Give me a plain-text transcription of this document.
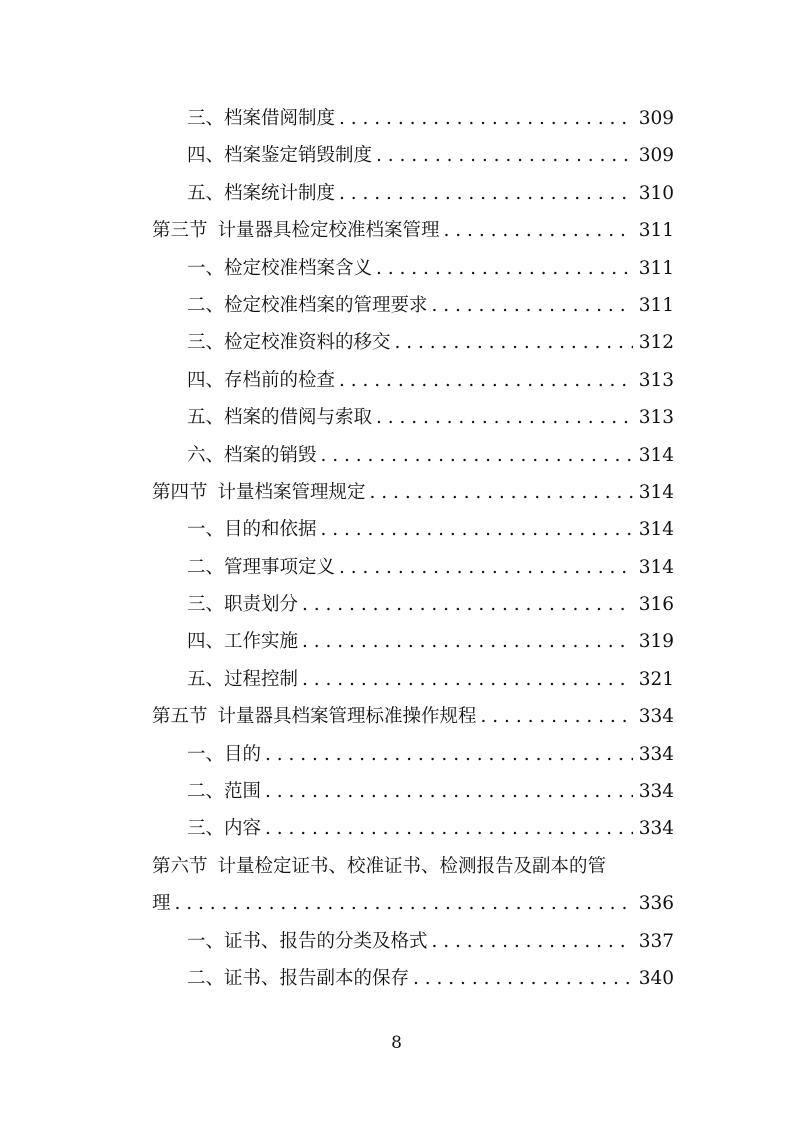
三、档案借阅制度 . . .	309
四、档案鉴定销毁制度 . . .	309
五、档案统计制度 . . .	310
第三节 计量器具检定校准档案管理 . . .	311
一、检定校准档案含义 . . .	311
二、检定校准档案的管理要求 . . .	311
三、检定校准资料的移交 . . .	312
四、存档前的检查 . . .	313
五、档案的借阅与索取 . . .	313
六、档案的销毁 . . .	314
第四节 计量档案管理规定 . . .	314
一、目的和依据 . . .	314
二、管理事项定义 . . .	314
三、职责划分 . . .	316
四、工作实施 . . .	319
五、过程控制 . . .	321
第五节 计量器具档案管理标准操作规程 . . .	334
一、目的 . . .	334
二、范围 . . .	334
三、内容 . . .	334
第六节 计量检定证书、校准证书、检测报告及副本的管
理 . . .	336
一、证书、报告的分类及格式 . . .	337
二、证书、报告副本的保存 . . .	340
8
